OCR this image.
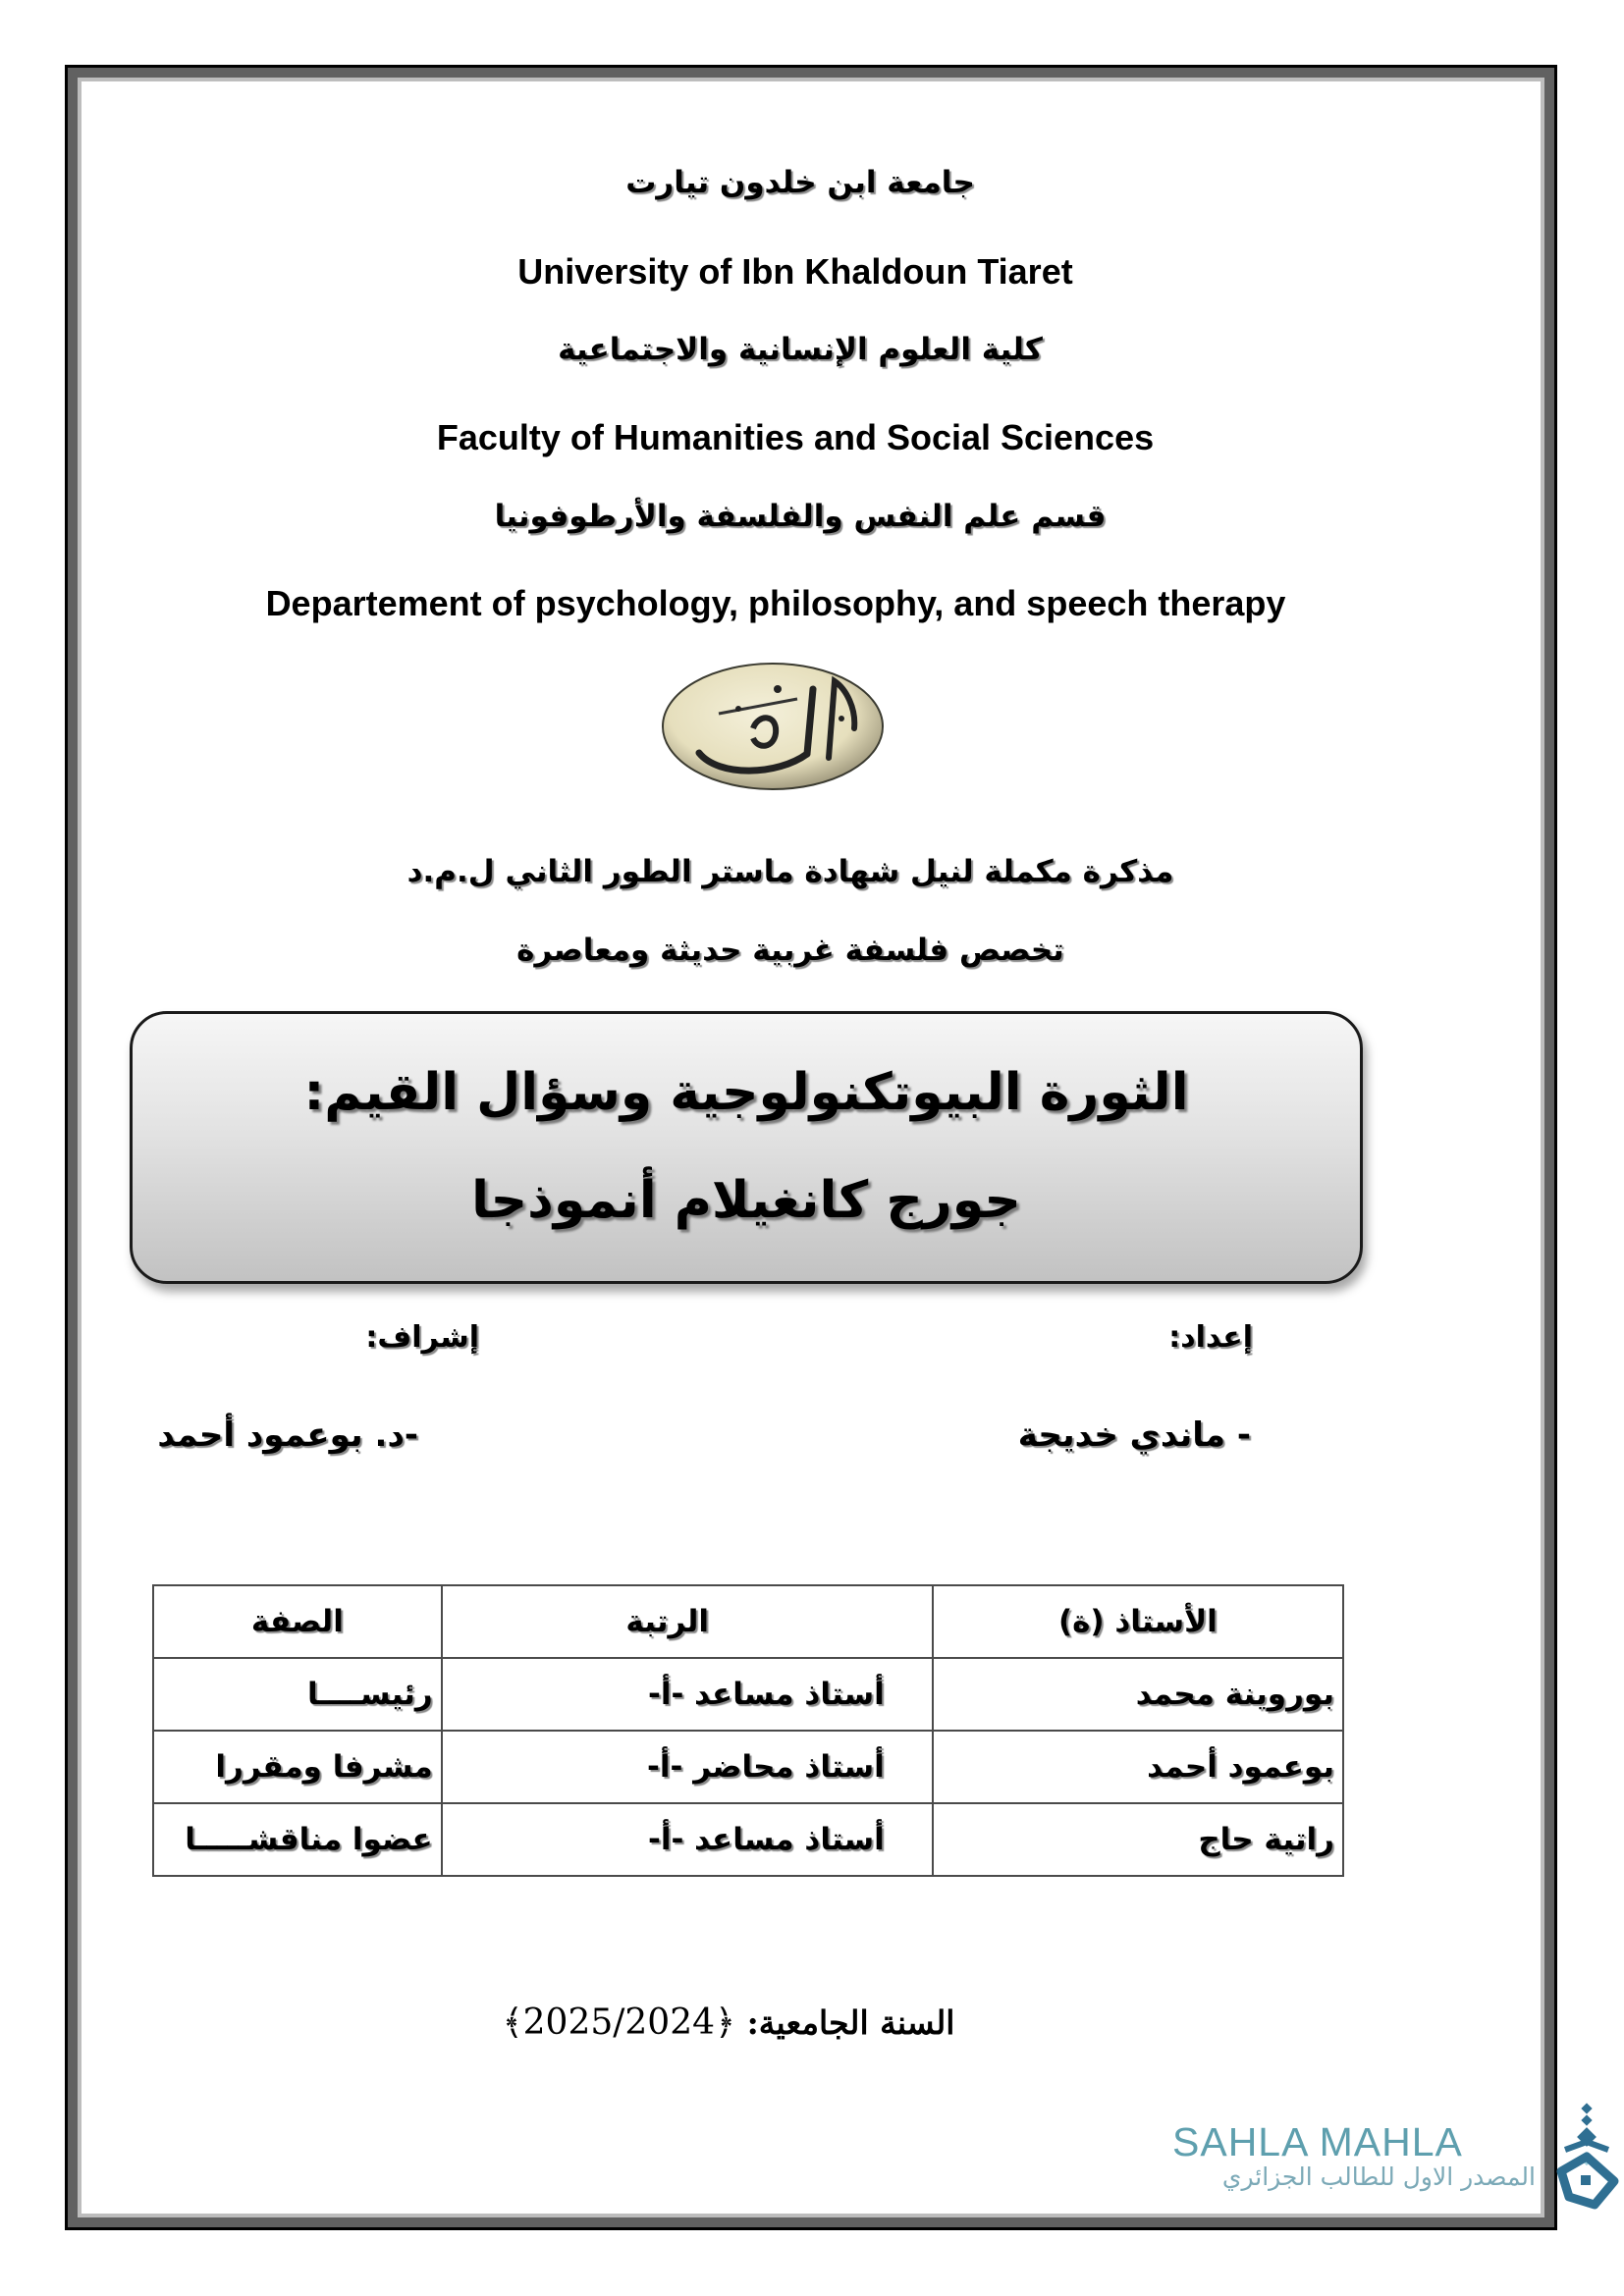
جامعة ابن خلدون تيارت
University of Ibn Khaldoun Tiaret
كلية العلوم الإنسانية والاجتماعية
Faculty of Humanities and Social Sciences
قسم علم النفس والفلسفة والأرطوفونيا
Departement of psychology, philosophy, and speech therapy
مذكرة مكملة لنيل شهادة ماستر الطور الثاني ل.م.د
تخصص فلسفة غربية حديثة ومعاصرة
الثورة البيوتكنولوجية وسؤال القيم:
جورج كانغيلام أنموذجا
إعداد:
إشراف:
- ماندي خديجة
-د. بوعمود أحمد
الأستاذ (ة)	الرتبة	الصفة
بوروينة محمد	أستاذ مساعد -أ-	رئيســــا
بوعمود أحمد	أستاذ محاضر -أ-	مشرفا ومقررا
راتية حاج	أستاذ مساعد -أ-	عضوا مناقشـــــا
السنة الجامعية: ﴿2025/2024﴾
SAHLA MAHLA
المصدر الاول للطالب الجزائري
